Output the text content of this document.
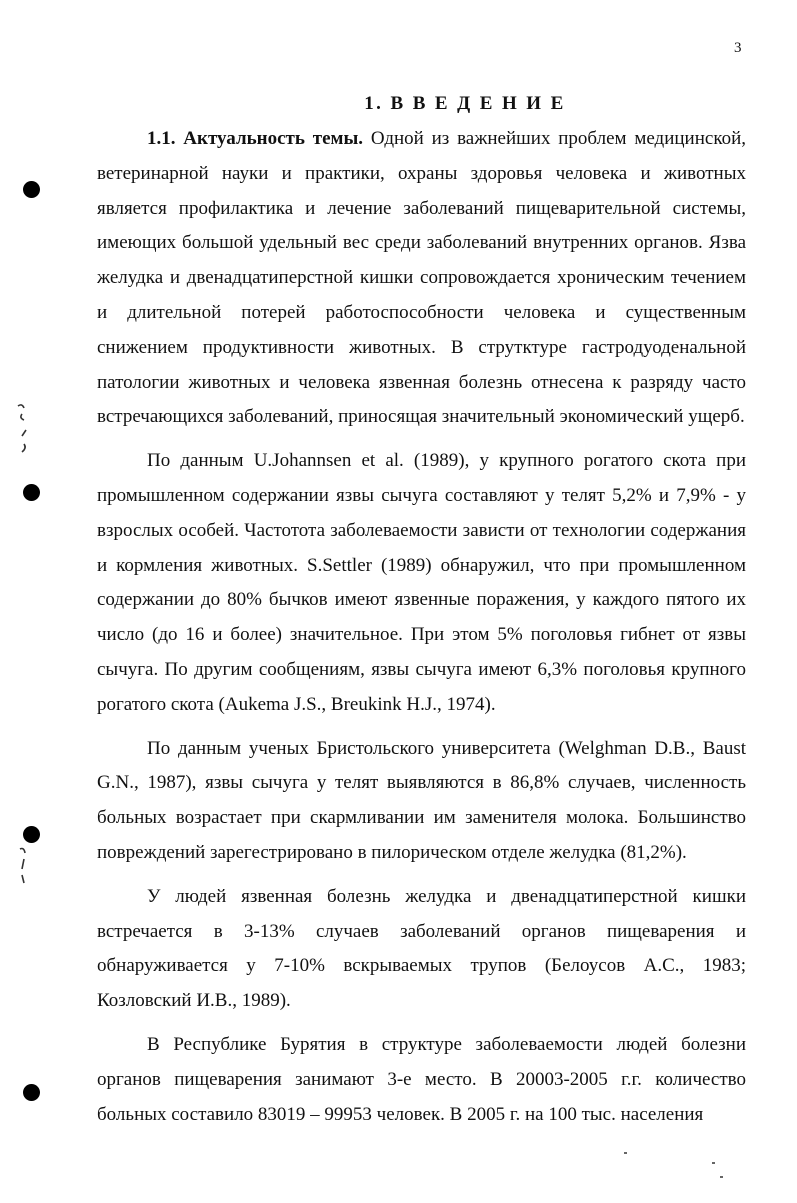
3
1. В В Е Д Е Н И Е

1.1. Актуальность темы. Одной из важнейших проблем медицинской, ветеринарной науки и практики, охраны здоровья человека и животных является профилактика и лечение заболеваний пищеварительной системы, имеющих большой удельный вес среди заболеваний внутренних органов. Язва желудка и двенадцатиперстной кишки сопровождается хроническим течением и длительной потерей работоспособности человека и существенным снижением продуктивности животных. В струтктуре гастродуоденальной патологии животных и человека язвенная болезнь отнесена к разряду часто встречающихся заболеваний, приносящая значительный экономический ущерб.

По данным U.Johannsen et al. (1989), у крупного рогатого скота при промышленном содержании язвы сычуга составляют у телят 5,2% и 7,9% - у взрослых особей. Частотота заболеваемости зависти от технологии содержания и кормления животных. S.Settler (1989) обнаружил, что при промышленном содержании до 80% бычков имеют язвенные поражения, у каждого пятого их число (до 16 и более) значительное. При этом 5% поголовья гибнет от язвы сычуга. По другим сообщениям, язвы сычуга имеют 6,3% поголовья крупного рогатого скота (Aukema J.S., Breukink H.J., 1974).

По данным ученых Бристольского университета (Welghman D.B., Baust G.N., 1987), язвы сычуга у телят выявляются в 86,8% случаев, численность больных возрастает при скармливании им заменителя молока. Большинство повреждений зарегестрировано в пилорическом отделе желудка (81,2%).

У людей язвенная болезнь желудка и двенадцатиперстной кишки встречается в 3-13% случаев заболеваний органов пищеварения и обнаруживается у 7-10% вскрываемых трупов (Белоусов А.С., 1983; Козловский И.В., 1989).

В Республике Бурятия в структуре заболеваемости людей болезни органов пищеварения занимают 3-е место. В 20003-2005 г.г. количество больных составило 83019 – 99953 человек. В 2005 г. на 100 тыс. населения
